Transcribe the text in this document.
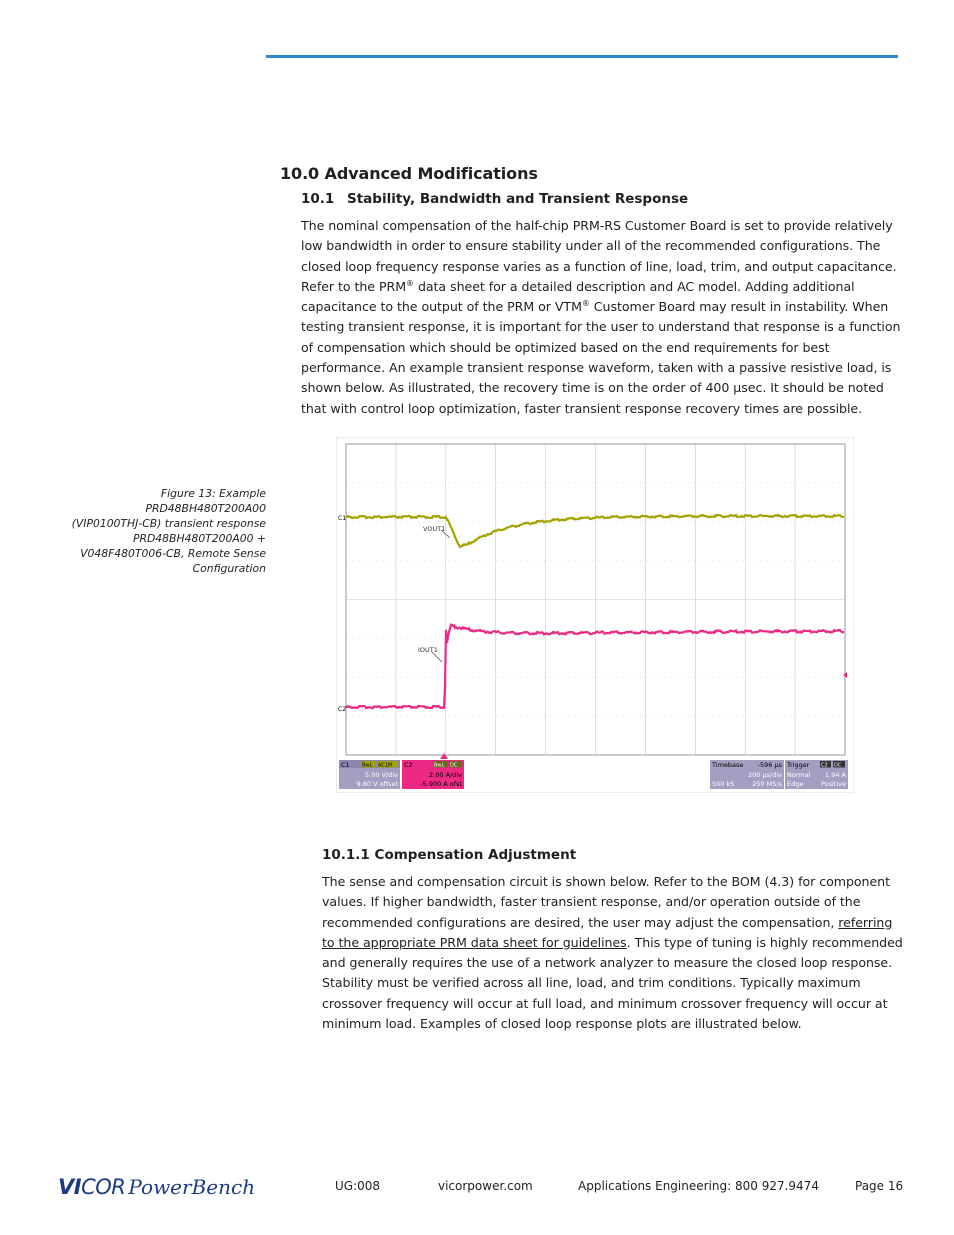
10.0 Advanced Modifications
10.1 Stability, Bandwidth and Transient Response

The nominal compensation of the half-chip PRM-RS Customer Board is set to provide relatively low bandwidth in order to ensure stability under all of the recommended configurations. The closed loop frequency response varies as a function of line, load, trim, and output capacitance. Refer to the PRM® data sheet for a detailed description and AC model. Adding additional capacitance to the output of the PRM or VTM® Customer Board may result in instability. When testing transient response, it is important for the user to understand that response is a function of compensation which should be optimized based on the end requirements for best performance. An example transient response waveform, taken with a passive resistive load, is shown below. As illustrated, the recovery time is on the order of 400 µsec. It should be noted that with control loop optimization, faster transient response recovery times are possible.

Figure 13: Example
PRD48BH480T200A00
(VIP0100THJ-CB) transient response
PRD48BH480T200A00 +
V048F480T006-CB, Remote Sense
Configuration
C1
C2
VOUT1
IOUT1
C1 BwL AC1M
5.00 V/div
9.80 V offset
C2	BwL DC
2.00 A/div
-5.900 A ofst
Timebase -596 µs
200 µs/div
500 kS	250 MS/s
Trigger C2 DC
Normal 1.94 A
Edge	Positive
10.1.1 Compensation Adjustment

The sense and compensation circuit is shown below. Refer to the BOM (4.3) for component values. If higher bandwidth, faster transient response, and/or operation outside of the recommended configurations are desired, the user may adjust the compensation, referring to the appropriate PRM data sheet for guidelines. This type of tuning is highly recommended and generally requires the use of a network analyzer to measure the closed loop response. Stability must be verified across all line, load, and trim conditions. Typically maximum crossover frequency will occur at full load, and minimum crossover frequency will occur at minimum load. Examples of closed loop response plots are illustrated below.

VICOR PowerBench	UG:008	vicorpower.com	Applications Engineering: 800 927.9474	Page 16
